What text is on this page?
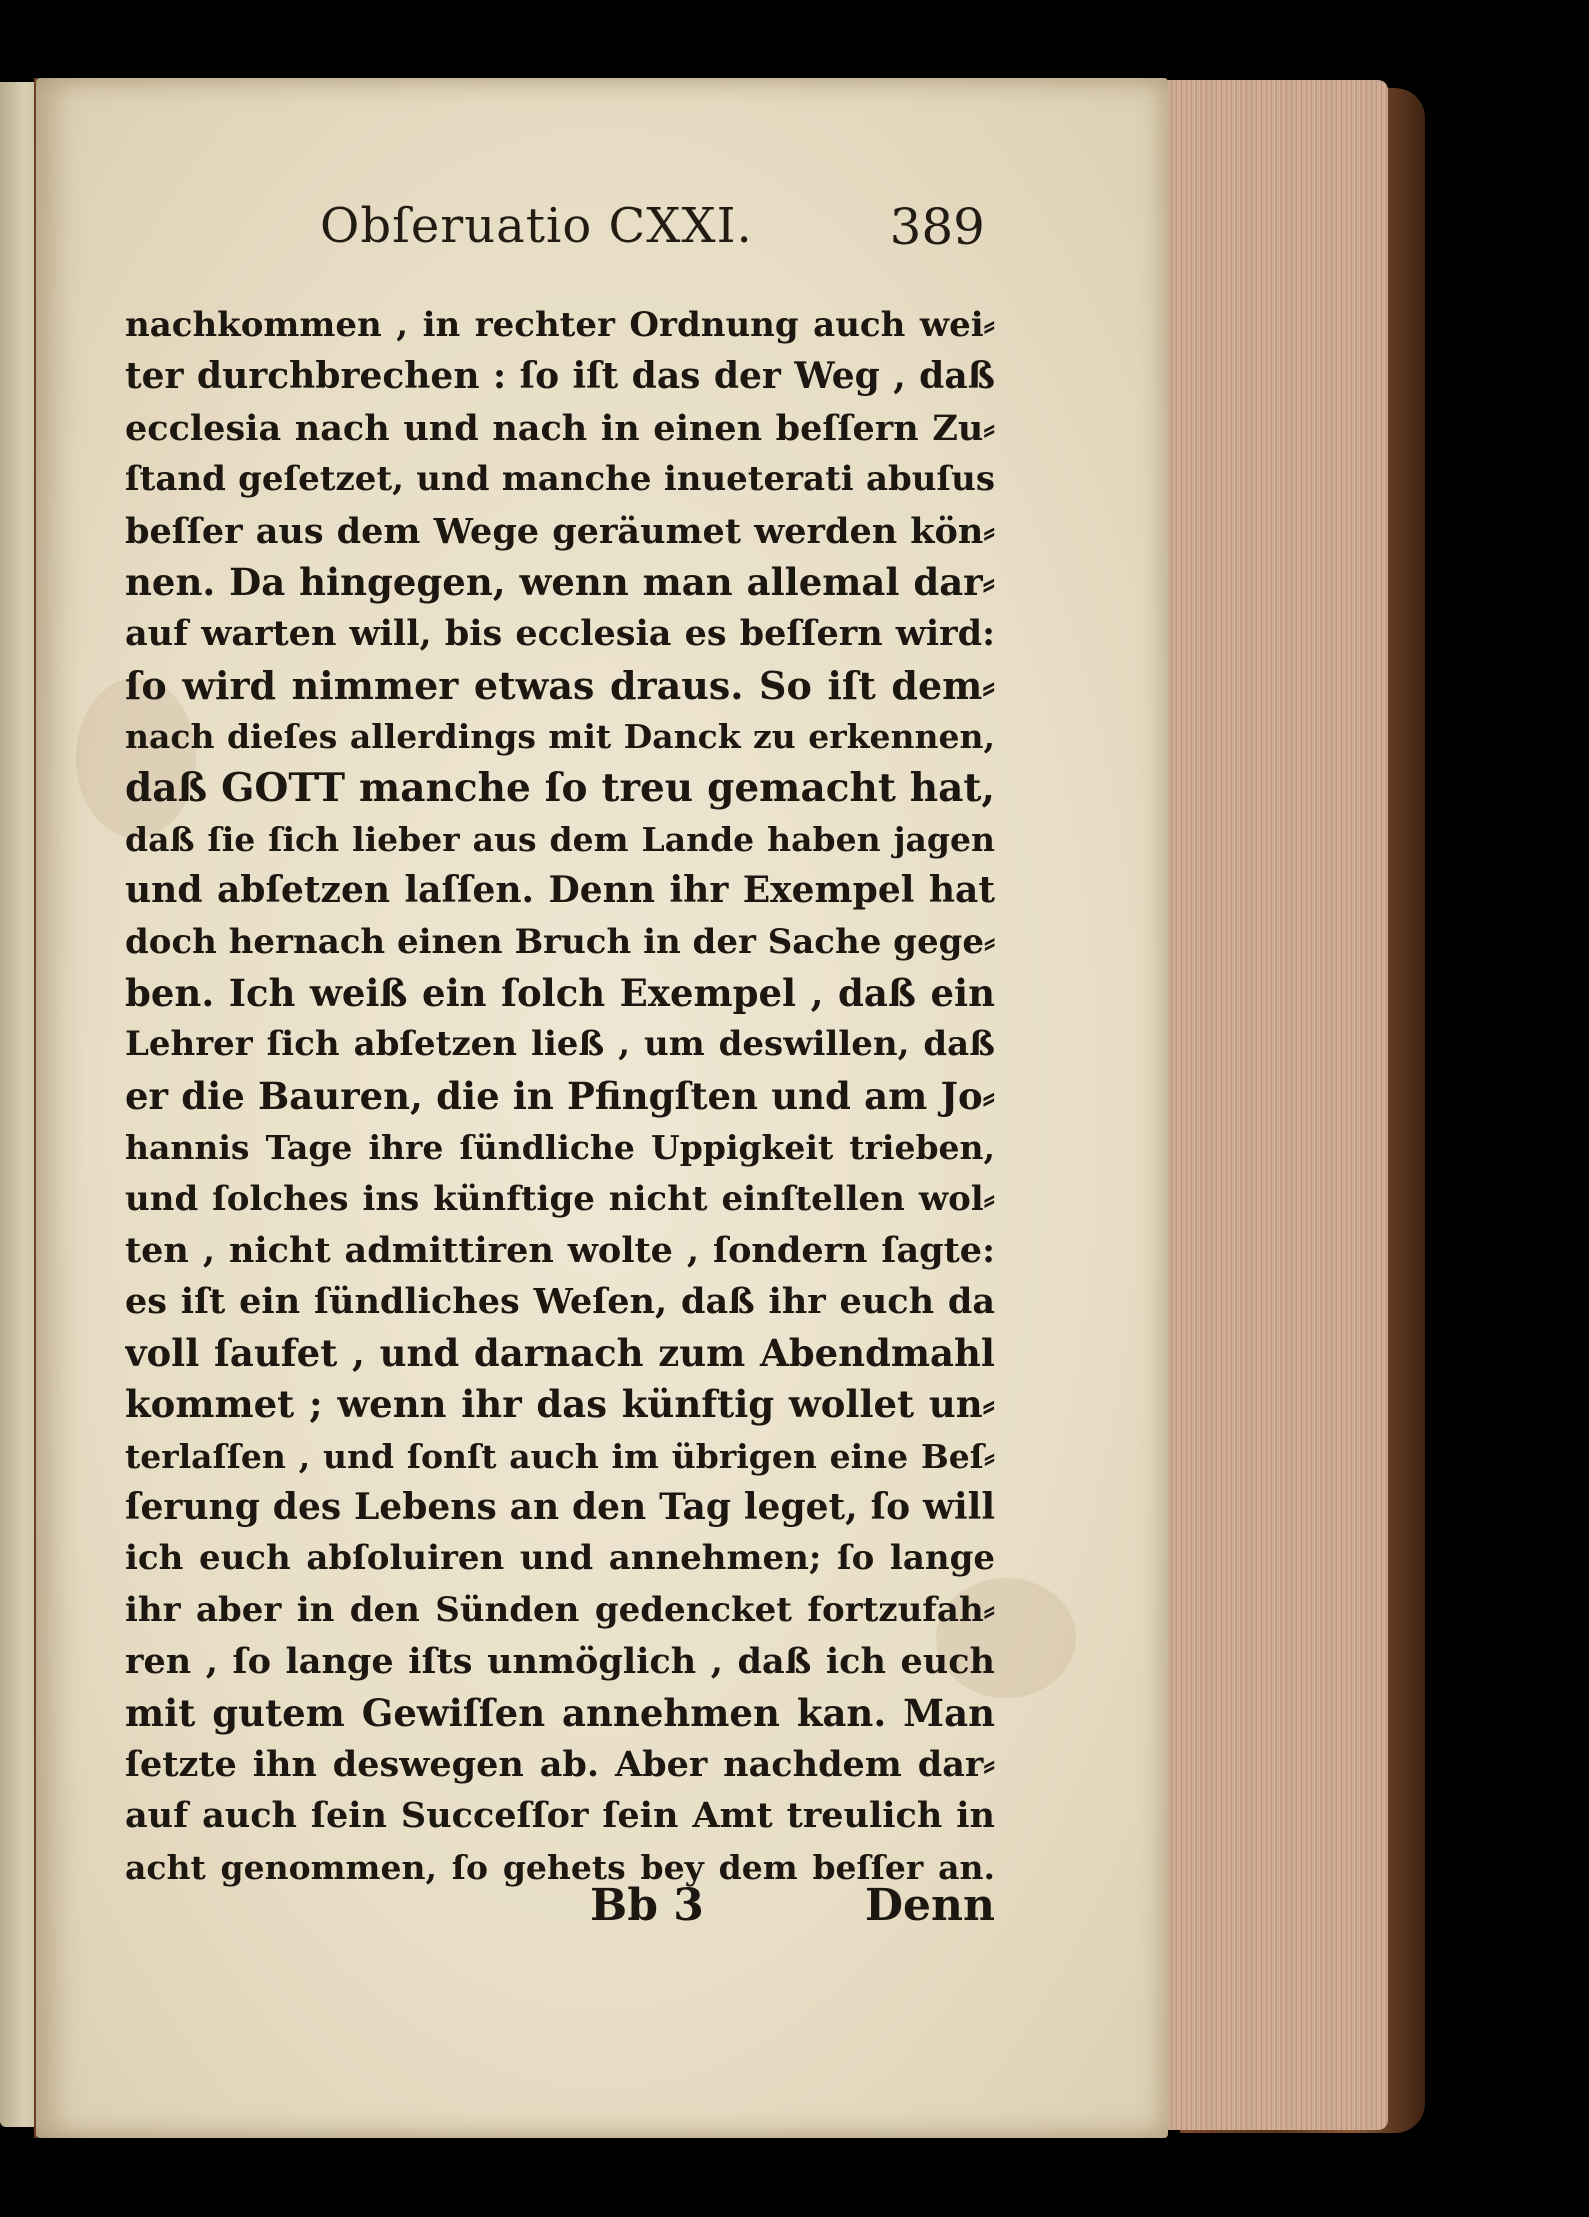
Obſeruatio CXXI.	389
nachkommen , in rechter Ordnung auch wei⸗
ter durchbrechen : ſo iſt das der Weg , daß
ecclesia nach und nach in einen beſſern Zu⸗
ſtand geſetzet, und manche inueterati abuſus
beſſer aus dem Wege geräumet werden kön⸗
nen. Da hingegen, wenn man allemal dar⸗
auf warten will, bis ecclesia es beſſern wird:
ſo wird nimmer etwas draus. So iſt dem⸗
nach dieſes allerdings mit Danck zu erkennen,
daß GOTT manche ſo treu gemacht hat,
daß ſie ſich lieber aus dem Lande haben jagen
und abſetzen laſſen. Denn ihr Exempel hat
doch hernach einen Bruch in der Sache gege⸗
ben. Ich weiß ein ſolch Exempel , daß ein
Lehrer ſich abſetzen ließ , um deswillen, daß
er die Bauren, die in Pfingſten und am Jo⸗
hannis Tage ihre ſündliche Uppigkeit trieben,
und ſolches ins künftige nicht einſtellen wol⸗
ten , nicht admittiren wolte , ſondern ſagte:
es iſt ein ſündliches Weſen, daß ihr euch da
voll ſaufet , und darnach zum Abendmahl
kommet ; wenn ihr das künftig wollet un⸗
terlaſſen , und ſonſt auch im übrigen eine Beſ⸗
ſerung des Lebens an den Tag leget, ſo will
ich euch abſoluiren und annehmen; ſo lange
ihr aber in den Sünden gedencket fortzufah⸗
ren , ſo lange iſts unmöglich , daß ich euch
mit gutem Gewiſſen annehmen kan. Man
ſetzte ihn deswegen ab. Aber nachdem dar⸗
auf auch ſein Succeſſor ſein Amt treulich in
acht genommen, ſo gehets bey dem beſſer an.
Bb 3	Denn
